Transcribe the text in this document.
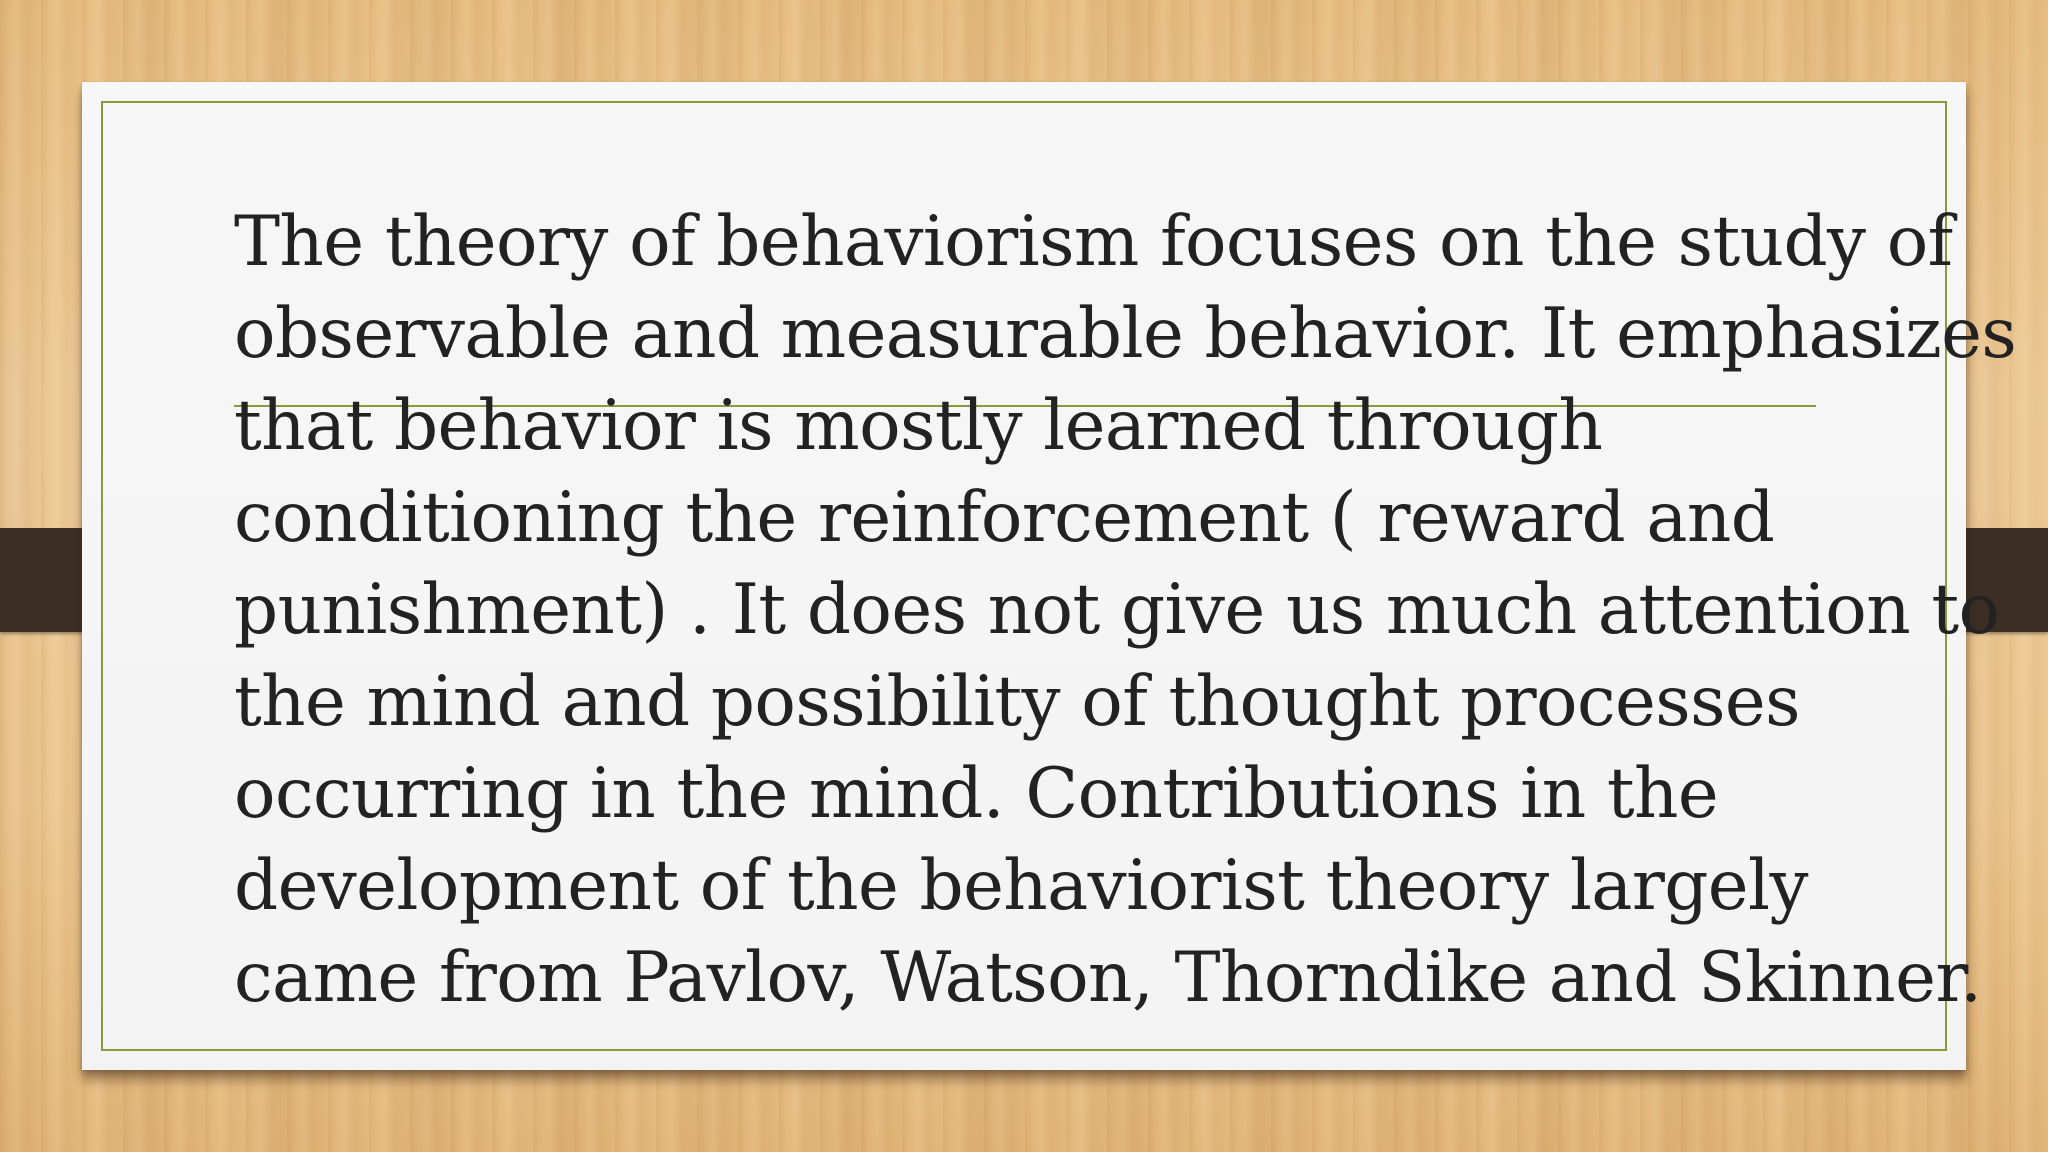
The theory of behaviorism focuses on the study of
observable and measurable behavior. It emphasizes
that behavior is mostly learned through
conditioning the reinforcement ( reward and
punishment) . It does not give us much attention to
the mind and possibility of thought processes
occurring in the mind. Contributions in the
development of the behaviorist theory largely
came from Pavlov, Watson, Thorndike and Skinner.
